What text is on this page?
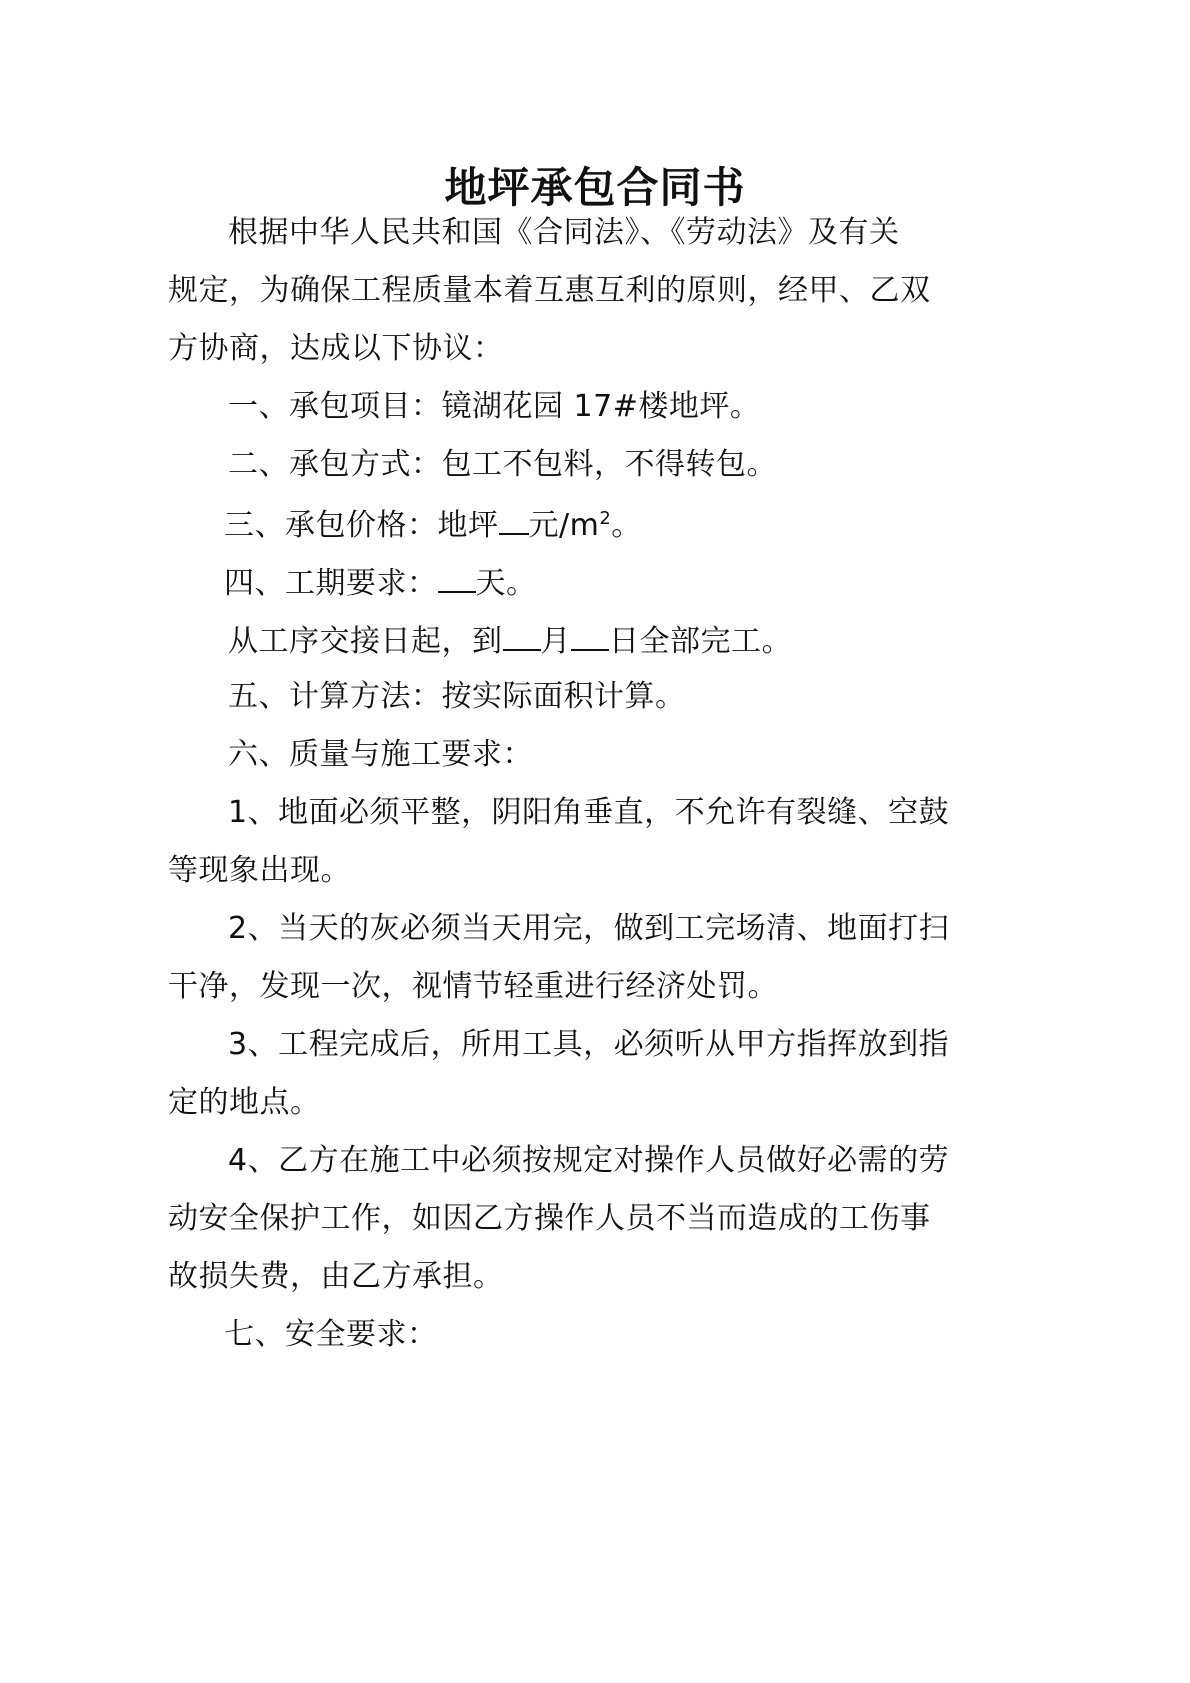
地坪承包合同书
根据中华人民共和国《合同法》、《劳动法》及有关
规定，为确保工程质量本着互惠互利的原则，经甲、乙双
方协商，达成以下协议：
一、承包项目：镜湖花园 17#楼地坪。
二、承包方式：包工不包料，不得转包。
三、承包价格：地坪 元$/m^2$。
四、工期要求： 天。
从工序交接日起，到 月 日全部完工。
五、计算方法：按实际面积计算。
六、质量与施工要求：
1、地面必须平整，阴阳角垂直，不允许有裂缝、空鼓
等现象出现。
2、当天的灰必须当天用完，做到工完场清、地面打扫
干净，发现一次，视情节轻重进行经济处罚。
3、工程完成后，所用工具，必须听从甲方指挥放到指
定的地点。
4、乙方在施工中必须按规定对操作人员做好必需的劳
动安全保护工作，如因乙方操作人员不当而造成的工伤事
故损失费，由乙方承担。
七、安全要求：
